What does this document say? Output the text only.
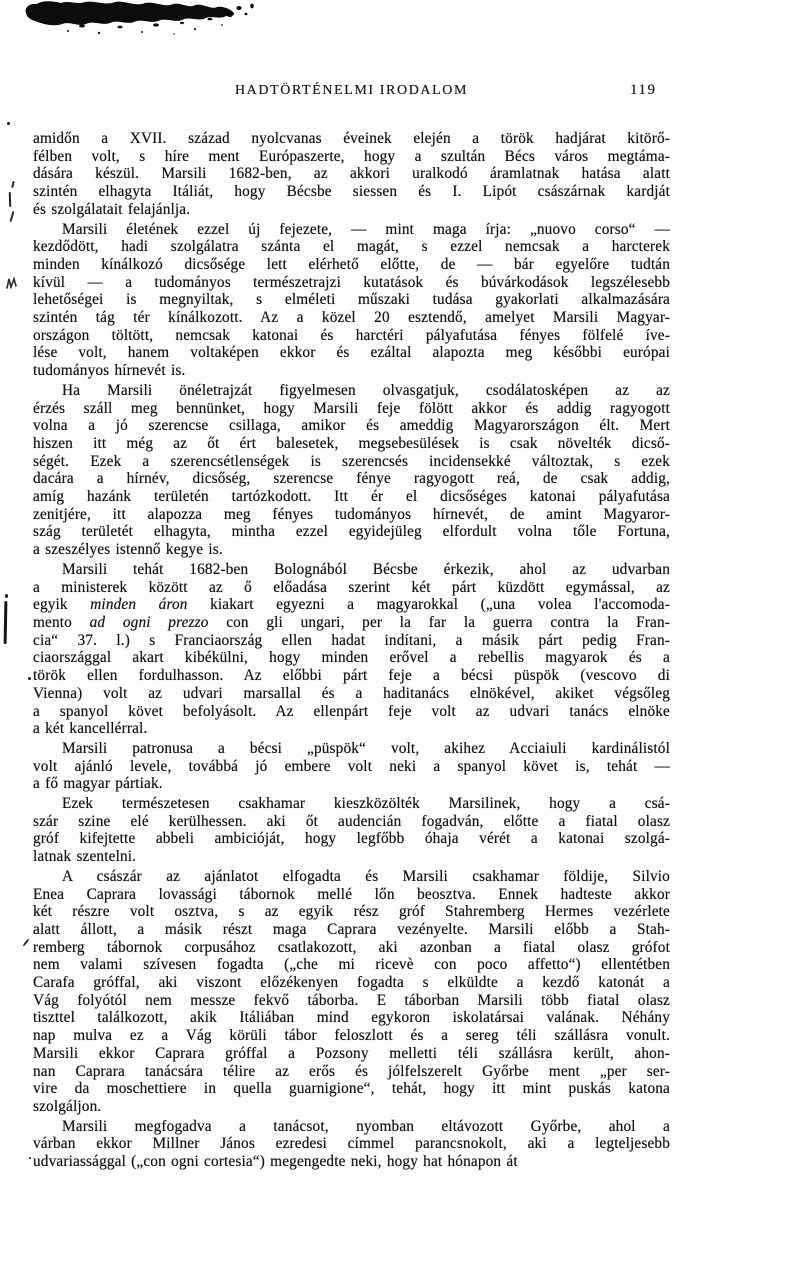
HADTÖRTÉNELMI IRODALOM	119
amidőn a XVII. század nyolcvanas éveinek elején a török hadjárat kitörő-
félben volt, s híre ment Európaszerte, hogy a szultán Bécs város megtáma-
dására készül. Marsili 1682-ben, az akkori uralkodó áramlatnak hatása alatt
szintén elhagyta Itáliát, hogy Bécsbe siessen és I. Lipót császárnak kardját
és szolgálatait felajánlja.
Marsili életének ezzel új fejezete, — mint maga írja: „nuovo corso“ —
kezdődött, hadi szolgálatra szánta el magát, s ezzel nemcsak a harcterek
minden kínálkozó dicsősége lett elérhető előtte, de — bár egyelőre tudtán
kívül — a tudományos természetrajzi kutatások és búvárkodások legszélesebb
lehetőségei is megnyiltak, s elméleti műszaki tudása gyakorlati alkalmazására
szintén tág tér kínálkozott. Az a közel 20 esztendő, amelyet Marsili Magyar-
országon töltött, nemcsak katonai és harctéri pályafutása fényes fölfelé íve-
lése volt, hanem voltaképen ekkor és ezáltal alapozta meg későbbi európai
tudományos hírnevét is.
Ha Marsili önéletrajzát figyelmesen olvasgatjuk, csodálatosképen az az
érzés száll meg bennünket, hogy Marsili feje fölött akkor és addig ragyogott
volna a jó szerencse csillaga, amikor és ameddig Magyarországon élt. Mert
hiszen itt még az őt ért balesetek, megsebesülések is csak növelték dicső-
ségét. Ezek a szerencsétlenségek is szerencsés incidensekké változtak, s ezek
dacára a hírnév, dicsőség, szerencse fénye ragyogott reá, de csak addig,
amíg hazánk területén tartózkodott. Itt ér el dicsőséges katonai pályafutása
zenitjére, itt alapozza meg fényes tudományos hírnevét, de amint Magyaror-
szág területét elhagyta, mintha ezzel egyidejüleg elfordult volna tőle Fortuna,
a szeszélyes istennő kegye is.
Marsili tehát 1682-ben Bolognából Bécsbe érkezik, ahol az udvarban
a ministerek között az ő előadása szerint két párt küzdött egymással, az
egyik minden áron kiakart egyezni a magyarokkal („una volea l'accomoda-
mento ad ogni prezzo con gli ungari, per la far la guerra contra la Fran-
cia“ 37. l.) s Franciaország ellen hadat indítani, a másik párt pedig Fran-
ciaországgal akart kibékülni, hogy minden erővel a rebellis magyarok és a
török ellen fordulhasson. Az előbbi párt feje a bécsi püspök (vescovo di
Vienna) volt az udvari marsallal és a haditanács elnökével, akiket végsőleg
a spanyol követ befolyásolt. Az ellenpárt feje volt az udvari tanács elnöke
a két kancellérral.
Marsili patronusa a bécsi „püspök“ volt, akihez Acciaiuli kardinálistól
volt ajánló levele, továbbá jó embere volt neki a spanyol követ is, tehát —
a fő magyar pártiak.
Ezek természetesen csakhamar kieszközölték Marsilinek, hogy a csá-
szár szine elé kerülhessen. aki őt audencián fogadván, előtte a fiatal olasz
gróf kifejtette abbeli ambicióját, hogy legfőbb óhaja vérét a katonai szolgá-
latnak szentelni.
A császár az ajánlatot elfogadta és Marsili csakhamar földije, Silvio
Enea Caprara lovassági tábornok mellé lőn beosztva. Ennek hadteste akkor
két részre volt osztva, s az egyik rész gróf Stahremberg Hermes vezérlete
alatt állott, a másik részt maga Caprara vezényelte. Marsili előbb a Stah-
remberg tábornok corpusához csatlakozott, aki azonban a fiatal olasz grófot
nem valami szívesen fogadta („che mi ricevè con poco affetto“) ellentétben
Carafa gróffal, aki viszont előzékenyen fogadta s elküldte a kezdő katonát a
Vág folyótól nem messze fekvő táborba. E táborban Marsili több fiatal olasz
tiszttel találkozott, akik Itáliában mind egykoron iskolatársai valának. Néhány
nap mulva ez a Vág körüli tábor feloszlott és a sereg téli szállásra vonult.
Marsili ekkor Caprara gróffal a Pozsony melletti téli szállásra került, ahon-
nan Caprara tanácsára télire az erős és jólfelszerelt Győrbe ment „per ser-
vire da moschettiere in quella guarnigione“, tehát, hogy itt mint puskás katona
szolgáljon.
Marsili megfogadva a tanácsot, nyomban eltávozott Győrbe, ahol a
várban ekkor Millner János ezredesi címmel parancsnokolt, aki a legteljesebb
udvariassággal („con ogni cortesia“) megengedte neki, hogy hat hónapon át
